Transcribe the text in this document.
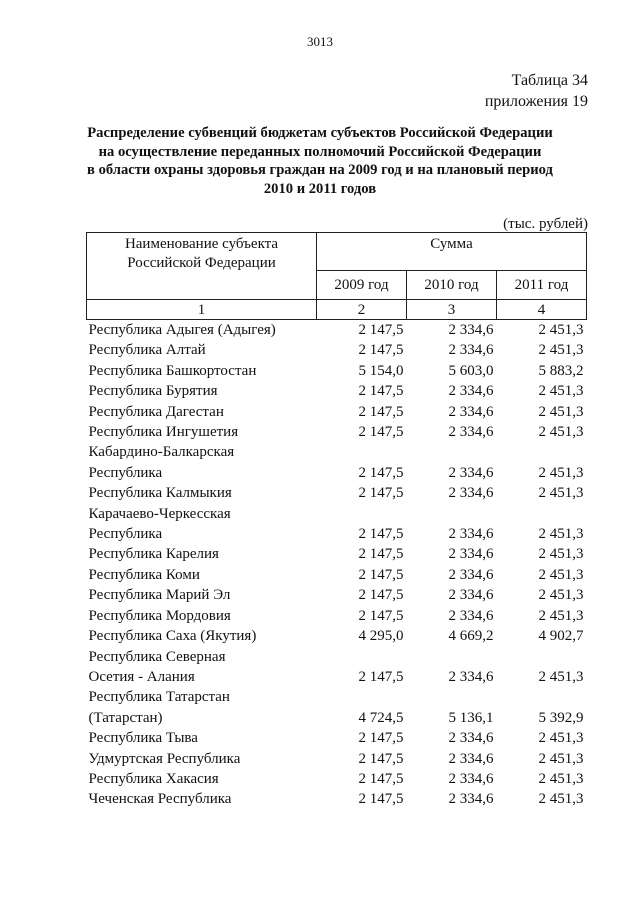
3013
Таблица 34
приложения 19
Распределение субвенций бюджетам субъектов Российской Федерации
на осуществление переданных полномочий Российской Федерации
в области охраны здоровья граждан на 2009 год и на плановый период
2010 и 2011 годов
(тыс. рублей)
Наименование субъекта
Российской Федерации	Сумма		
	2009 год	2010 год	2011 год
1	2	3	4
Республика Адыгея (Адыгея)	2 147,5	2 334,6	2 451,3
Республика Алтай	2 147,5	2 334,6	2 451,3
Республика Башкортостан	5 154,0	5 603,0	5 883,2
Республика Бурятия	2 147,5	2 334,6	2 451,3
Республика Дагестан	2 147,5	2 334,6	2 451,3
Республика Ингушетия	2 147,5	2 334,6	2 451,3
Кабардино-Балкарская			
Республика	2 147,5	2 334,6	2 451,3
Республика Калмыкия	2 147,5	2 334,6	2 451,3
Карачаево-Черкесская			
Республика	2 147,5	2 334,6	2 451,3
Республика Карелия	2 147,5	2 334,6	2 451,3
Республика Коми	2 147,5	2 334,6	2 451,3
Республика Марий Эл	2 147,5	2 334,6	2 451,3
Республика Мордовия	2 147,5	2 334,6	2 451,3
Республика Саха (Якутия)	4 295,0	4 669,2	4 902,7
Республика Северная			
Осетия - Алания	2 147,5	2 334,6	2 451,3
Республика Татарстан			
(Татарстан)	4 724,5	5 136,1	5 392,9
Республика Тыва	2 147,5	2 334,6	2 451,3
Удмуртская Республика	2 147,5	2 334,6	2 451,3
Республика Хакасия	2 147,5	2 334,6	2 451,3
Чеченская Республика	2 147,5	2 334,6	2 451,3
